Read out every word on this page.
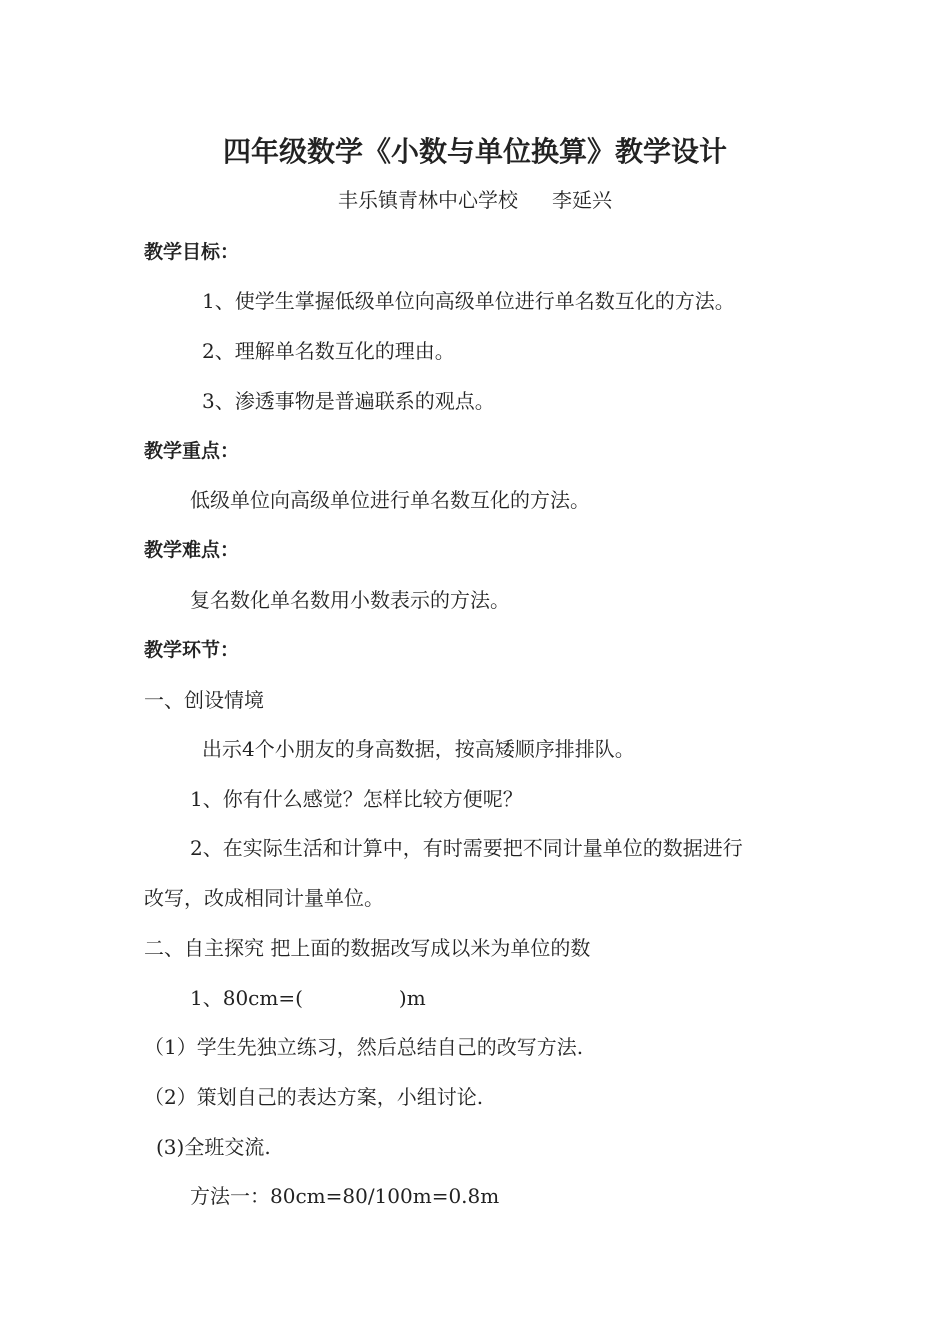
四年级数学《小数与单位换算》教学设计
丰乐镇青林中心学校 李延兴
教学目标：
1、使学生掌握低级单位向高级单位进行单名数互化的方法。
2、理解单名数互化的理由。
3、渗透事物是普遍联系的观点。
教学重点：
低级单位向高级单位进行单名数互化的方法。
教学难点：
复名数化单名数用小数表示的方法。
教学环节：
一、创设情境
出示4个小朋友的身高数据，按高矮顺序排排队。
1、你有什么感觉？怎样比较方便呢？
2、在实际生活和计算中，有时需要把不同计量单位的数据进行
改写，改成相同计量单位。
二、自主探究 把上面的数据改写成以米为单位的数
1、80cm=(	)m
（1）学生先独立练习，然后总结自己的改写方法.
（2）策划自己的表达方案，小组讨论.
(3)全班交流.
方法一：80cm=80/100m=0.8m
